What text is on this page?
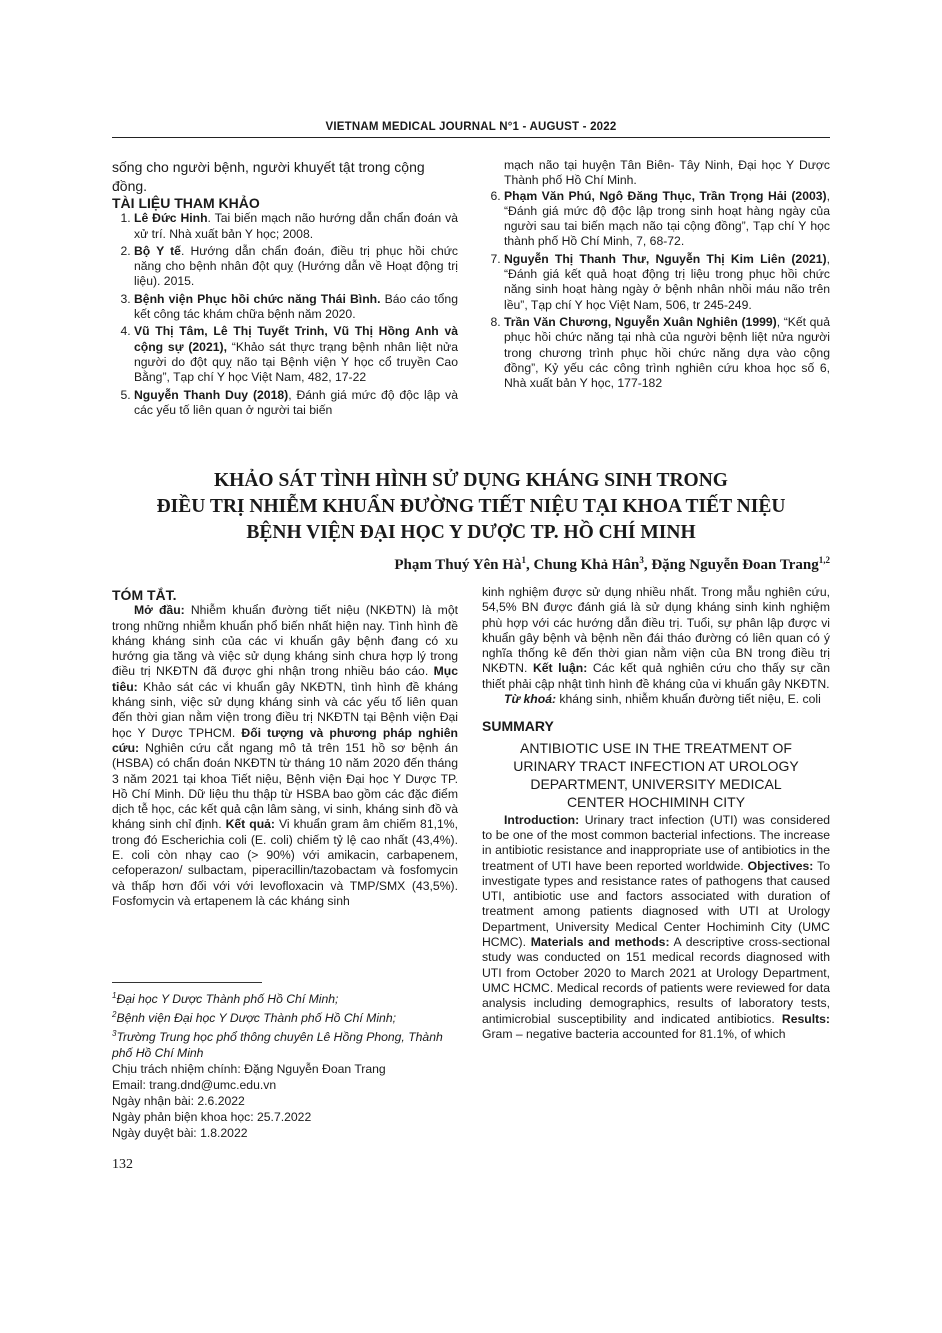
VIETNAM MEDICAL JOURNAL N°1 - AUGUST - 2022

sống cho người bệnh, người khuyết tật trong cộng đồng.

TÀI LIỆU THAM KHẢO

1. Lê Đức Hinh. Tai biến mạch não hướng dẫn chẩn đoán và xử trí. Nhà xuất bản Y học; 2008.
2. Bộ Y tế. Hướng dẫn chẩn đoán, điều trị phục hồi chức năng cho bệnh nhân đột quỵ (Hướng dẫn về Hoạt động trị liệu). 2015.
3. Bệnh viện Phục hồi chức năng Thái Bình. Báo cáo tổng kết công tác khám chữa bệnh năm 2020.
4. Vũ Thị Tâm, Lê Thị Tuyết Trinh, Vũ Thị Hồng Anh và cộng sự (2021), “Khảo sát thực trạng bệnh nhân liệt nửa người do đột quỵ não tại Bệnh viện Y học cổ truyền Cao Bằng”, Tạp chí Y học Việt Nam, 482, 17-22
5. Nguyễn Thanh Duy (2018), Đánh giá mức độ độc lập và các yếu tố liên quan ở người tai biến

mạch não tại huyện Tân Biên- Tây Ninh, Đại học Y Dược Thành phố Hồ Chí Minh.

6. Phạm Văn Phú, Ngô Đăng Thục, Trần Trọng Hải (2003), “Đánh giá mức độ độc lập trong sinh hoạt hàng ngày của người sau tai biến mạch não tại cộng đồng”, Tạp chí Y học thành phố Hồ Chí Minh, 7, 68-72.
7. Nguyễn Thị Thanh Thư, Nguyễn Thị Kim Liên (2021), “Đánh giá kết quả hoạt động trị liệu trong phục hồi chức năng sinh hoạt hàng ngày ở bệnh nhân nhồi máu não trên lều”, Tạp chí Y học Việt Nam, 506, tr 245-249.
8. Trần Văn Chương, Nguyễn Xuân Nghiên (1999), “Kết quả phục hồi chức năng tại nhà của người bệnh liệt nửa người trong chương trình phục hồi chức năng dựa vào cộng đồng”, Kỷ yếu các công trình nghiên cứu khoa học số 6, Nhà xuất bản Y học, 177-182
KHẢO SÁT TÌNH HÌNH SỬ DỤNG KHÁNG SINH TRONG
ĐIỀU TRỊ NHIỄM KHUẨN ĐƯỜNG TIẾT NIỆU TẠI KHOA TIẾT NIỆU
BỆNH VIỆN ĐẠI HỌC Y DƯỢC TP. HỒ CHÍ MINH
Phạm Thuý Yên $Hà^1$, Chung Khả Hân$^3$, Đặng Nguyễn Đoan Trang$^{1,2}$

TÓM TẮT.

Mở đầu: Nhiễm khuẩn đường tiết niệu (NKĐTN) là một trong những nhiễm khuẩn phổ biến nhất hiện nay. Tình hình đề kháng kháng sinh của các vi khuẩn gây bệnh đang có xu hướng gia tăng và việc sử dụng kháng sinh chưa hợp lý trong điều trị NKĐTN đã được ghi nhận trong nhiều báo cáo. Mục tiêu: Khảo sát các vi khuẩn gây NKĐTN, tình hình đề kháng kháng sinh, việc sử dụng kháng sinh và các yếu tố liên quan đến thời gian nằm viện trong điều trị NKĐTN tại Bệnh viện Đại học Y Dược TPHCM. Đối tượng và phương pháp nghiên cứu: Nghiên cứu cắt ngang mô tả trên 151 hồ sơ bệnh án (HSBA) có chẩn đoán NKĐTN từ tháng 10 năm 2020 đến tháng 3 năm 2021 tại khoa Tiết niệu, Bệnh viện Đại học Y Dược TP. Hồ Chí Minh. Dữ liệu thu thập từ HSBA bao gồm các đặc điểm dịch tễ học, các kết quả cận lâm sàng, vi sinh, kháng sinh đồ và kháng sinh chỉ định. Kết quả: Vi khuẩn gram âm chiếm 81,1%, trong đó Escherichia coli (E. coli) chiếm tỷ lệ cao nhất (43,4%). E. coli còn nhạy cao (> 90%) với amikacin, carbapenem, cefoperazon/ sulbactam, piperacillin/tazobactam và fosfomycin và thấp hơn đối với với levofloxacin và TMP/SMX (43,5%). Fosfomycin và ertapenem là các kháng sinh

$^1$Đại học Y Dược Thành phố Hồ Chí Minh;
$^2$Bệnh viện Đại học Y Dược Thành phố Hồ Chí Minh;
$^3$Trường Trung học phổ thông chuyên Lê Hồng Phong, Thành phố Hồ Chí Minh
Chịu trách nhiệm chính: Đặng Nguyễn Đoan Trang
Email: trang.dnd@umc.edu.vn
Ngày nhận bài: 2.6.2022
Ngày phản biện khoa học: 25.7.2022
Ngày duyệt bài: 1.8.2022

kinh nghiệm được sử dụng nhiều nhất. Trong mẫu nghiên cứu, 54,5% BN được đánh giá là sử dụng kháng sinh kinh nghiệm phù hợp với các hướng dẫn điều trị. Tuổi, sự phân lập được vi khuẩn gây bệnh và bệnh nền đái tháo đường có liên quan có ý nghĩa thống kê đến thời gian nằm viện của BN trong điều trị NKĐTN. Kết luận: Các kết quả nghiên cứu cho thấy sự cần thiết phải cập nhật tình hình đề kháng của vi khuẩn gây NKĐTN.

Từ khoá: kháng sinh, nhiễm khuẩn đường tiết niệu, E. coli

SUMMARY

ANTIBIOTIC USE IN THE TREATMENT OF
URINARY TRACT INFECTION AT UROLOGY
DEPARTMENT, UNIVERSITY MEDICAL
CENTER HOCHIMINH CITY

Introduction: Urinary tract infection (UTI) was considered to be one of the most common bacterial infections. The increase in antibiotic resistance and inappropriate use of antibiotics in the treatment of UTI have been reported worldwide. Objectives: To investigate types and resistance rates of pathogens that caused UTI, antibiotic use and factors associated with duration of treatment among patients diagnosed with UTI at Urology Department, University Medical Center Hochiminh City (UMC HCMC). Materials and methods: A descriptive cross-sectional study was conducted on 151 medical records diagnosed with UTI from October 2020 to March 2021 at Urology Department, UMC HCMC. Medical records of patients were reviewed for data analysis including demographics, results of laboratory tests, antimicrobial susceptibility and indicated antibiotics. Results: Gram – negative bacteria accounted for 81.1%, of which

132
